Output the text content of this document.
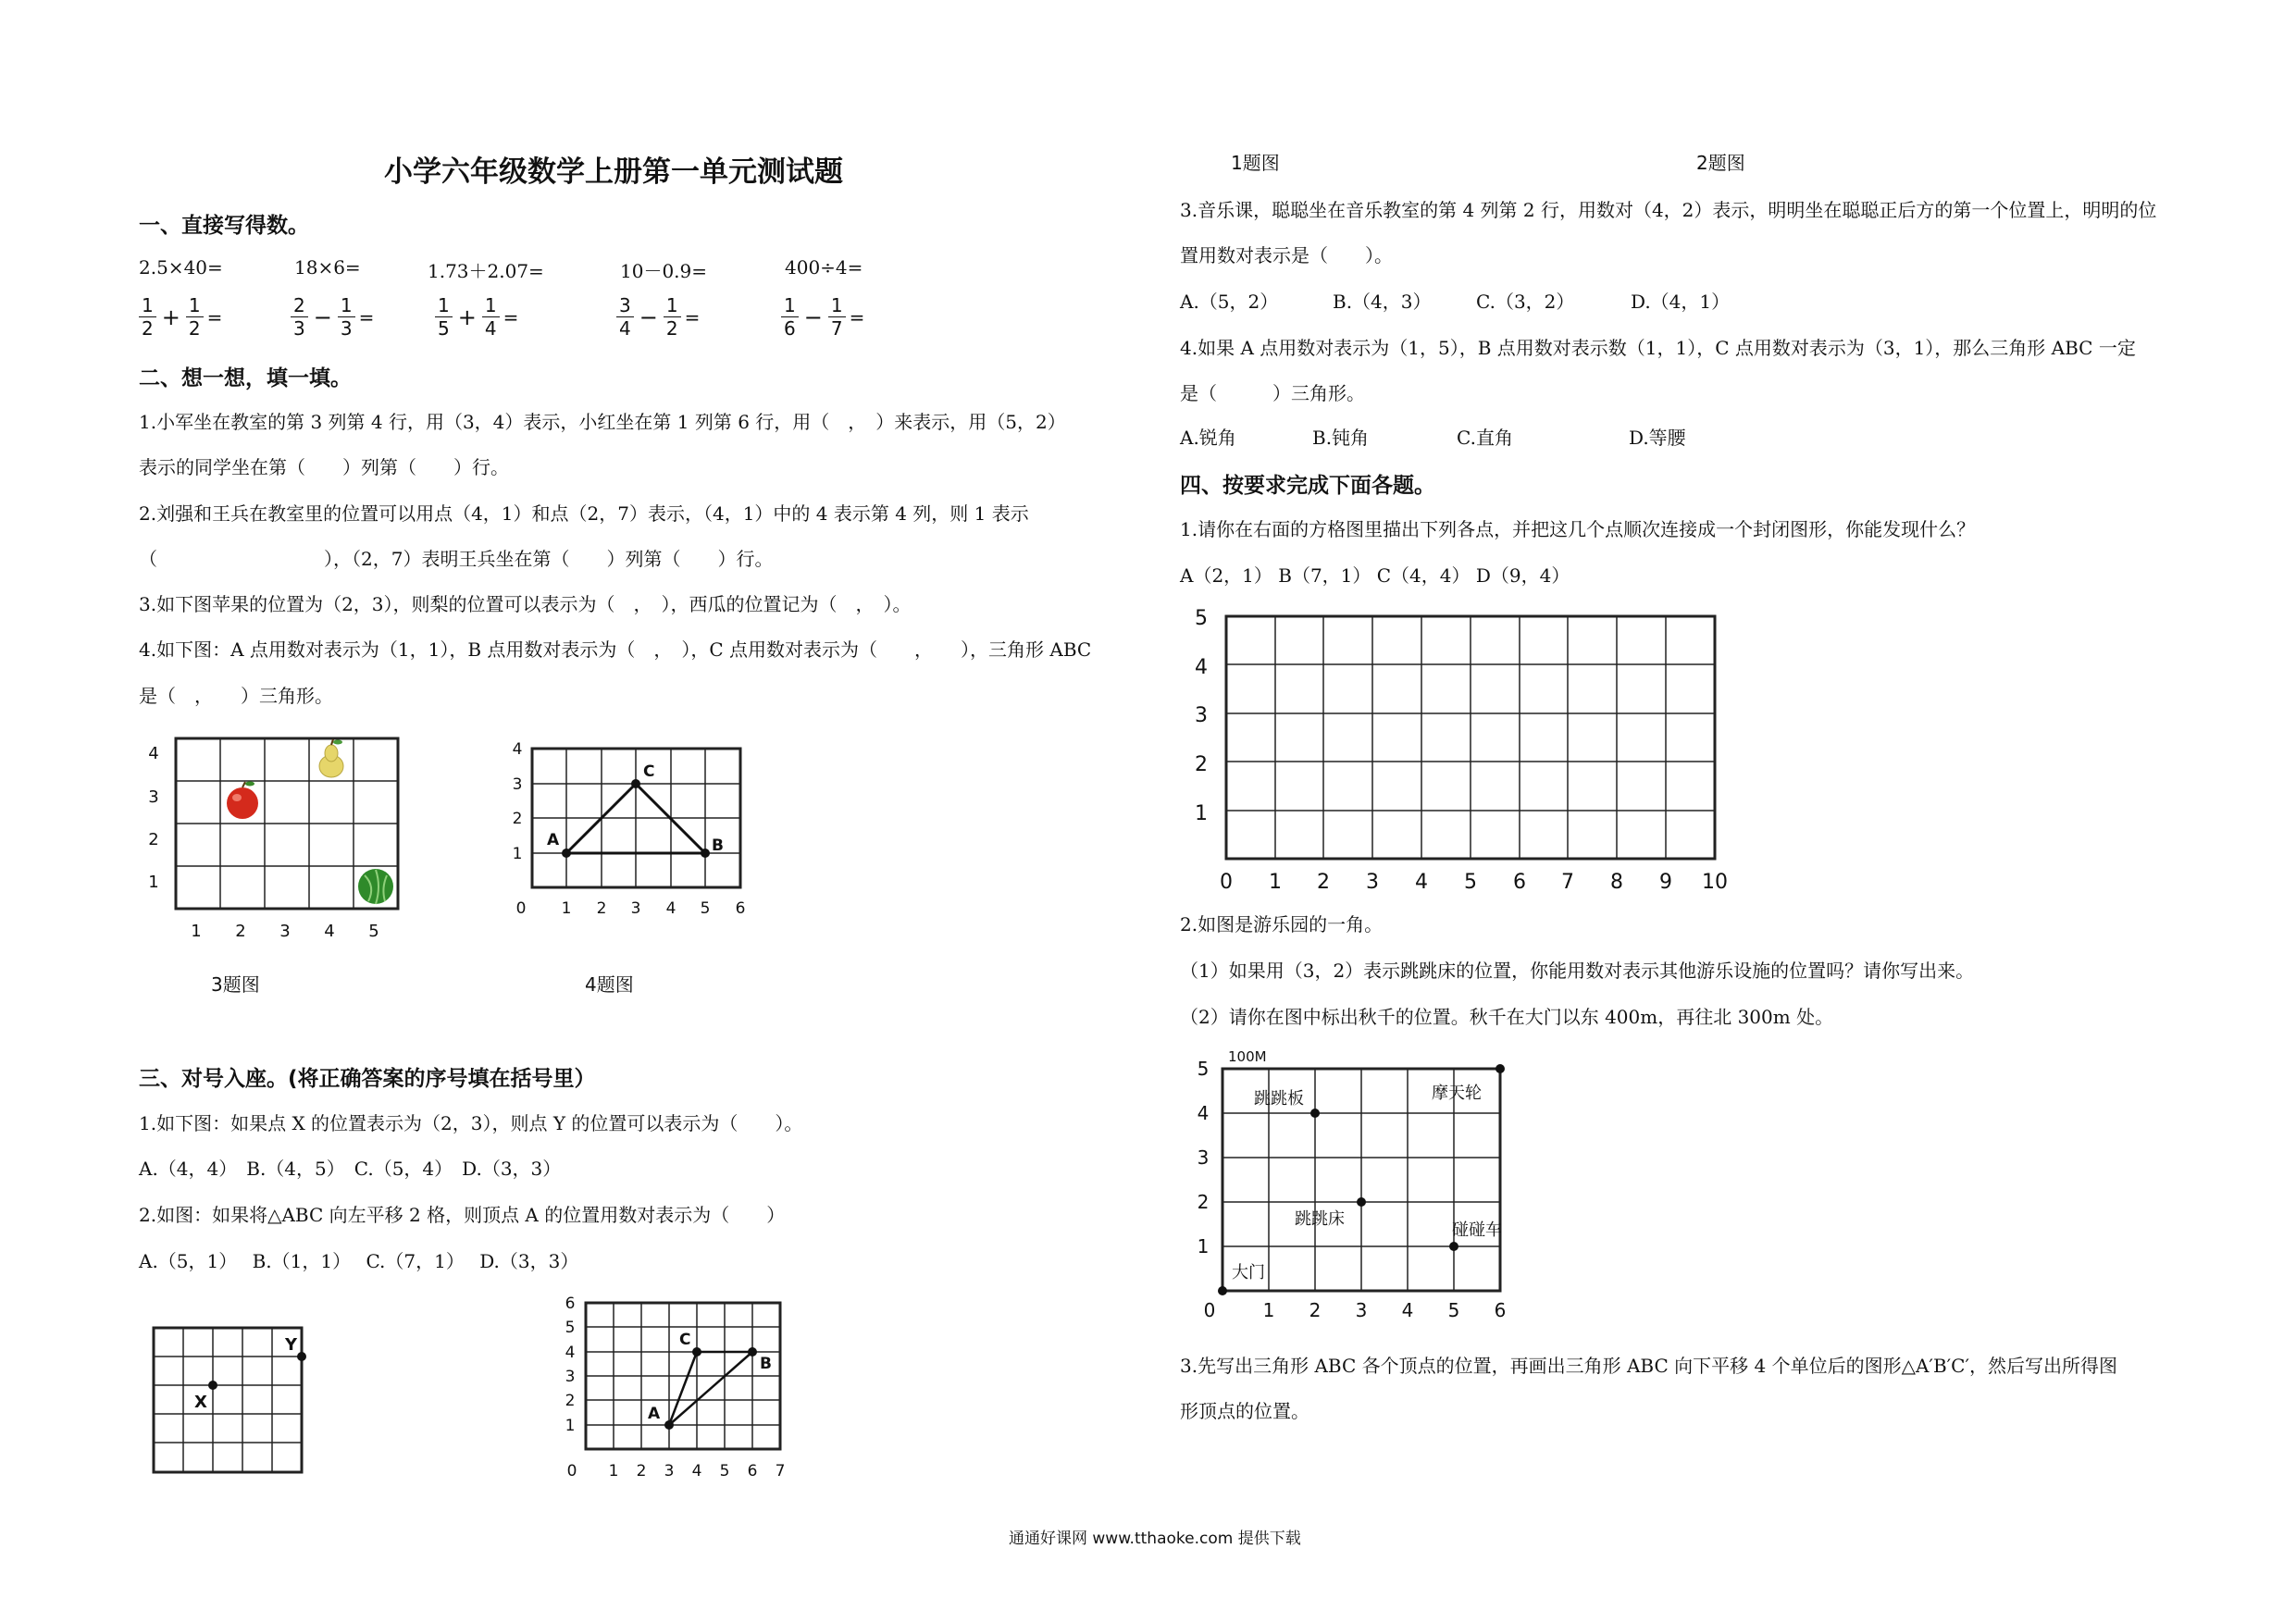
小学六年级数学上册第一单元测试题
一、直接写得数。
2.5×40=	18×6=	1.73＋2.07=	10－0.9=	400÷4=
$\frac{1}{2} + \frac{1}{2}$ =	$\frac{2}{3} - \frac{1}{3}$ =	$\frac{1}{5} + \frac{1}{4}$ =	$\frac{3}{4} - \frac{1}{2}$ =	$\frac{1}{6} - \frac{1}{7}$ =
二、想一想，填一填。
1.小军坐在教室的第 3 列第 4 行，用（3，4）表示，小红坐在第 1 列第 6 行，用（　，　）来表示，用（5，2）
表示的同学坐在第（　　）列第（　　）行。
2.刘强和王兵在教室里的位置可以用点（4，1）和点（2，7）表示，（4，1）中的 4 表示第 4 列，则 1 表示
（　　　　　　　　　），（2，7）表明王兵坐在第（　　）列第（　　）行。
3.如下图苹果的位置为（2，3），则梨的位置可以表示为（　，　），西瓜的位置记为（　，　）。
4.如下图：A 点用数对表示为（1，1），B 点用数对表示为（　，　），C 点用数对表示为（　　，　　），三角形 ABC
是（　，　　）三角形。
4
3
2
1
1 2 3 4 5
3题图
A	B
C
4
3
2
1
0 1 2 3 4 5 6
4题图
三、对号入座。(将正确答案的序号填在括号里）
1.如下图：如果点 X 的位置表示为（2，3），则点 Y 的位置可以表示为（　　）。
A.（4，4）　B.（4，5）　C.（5，4）　D.（3，3）
2.如图：如果将△ABC 向左平移 2 格，则顶点 A 的位置用数对表示为（　　）
A.（5，1）　 B.（1，1）　 C.（7，1）　 D.（3，3）
X
Y
A
B
C
6
5
4
3
2
1
0 1 2 3 4 5 6 7
1题图	2题图
3.音乐课，聪聪坐在音乐教室的第 4 列第 2 行，用数对（4，2）表示，明明坐在聪聪正后方的第一个位置上，明明的位
置用数对表示是（　　）。
A.（5，2）	B.（4，3） C.（3，2）	D.（4，1）
4.如果 A 点用数对表示为（1，5），B 点用数对表示数（1，1），C 点用数对表示为（3，1），那么三角形 ABC 一定
是（　　　）三角形。
A.锐角	B.钝角	C.直角	D.等腰
四、按要求完成下面各题。
1.请你在右面的方格图里描出下列各点，并把这几个点顺次连接成一个封闭图形，你能发现什么？
A（2，1） B（7，1） C（4，4） D（9，4）
5
4
3
2
1
0 1 2 3 4 5 6 7 8 9 10
2.如图是游乐园的一角。
（1）如果用（3，2）表示跳跳床的位置，你能用数对表示其他游乐设施的位置吗？请你写出来。
（2）请你在图中标出秋千的位置。秋千在大门以东 400m，再往北 300m 处。
100M
跳跳板	摩天轮
跳跳床
碰碰车
大门
5
4
3
2
1
0	1 2 3 4 5 6
3.先写出三角形 ABC 各个顶点的位置，再画出三角形 ABC 向下平移 4 个单位后的图形△A′B′C′，然后写出所得图
形顶点的位置。
通通好课网 www.tthaoke.com 提供下载
